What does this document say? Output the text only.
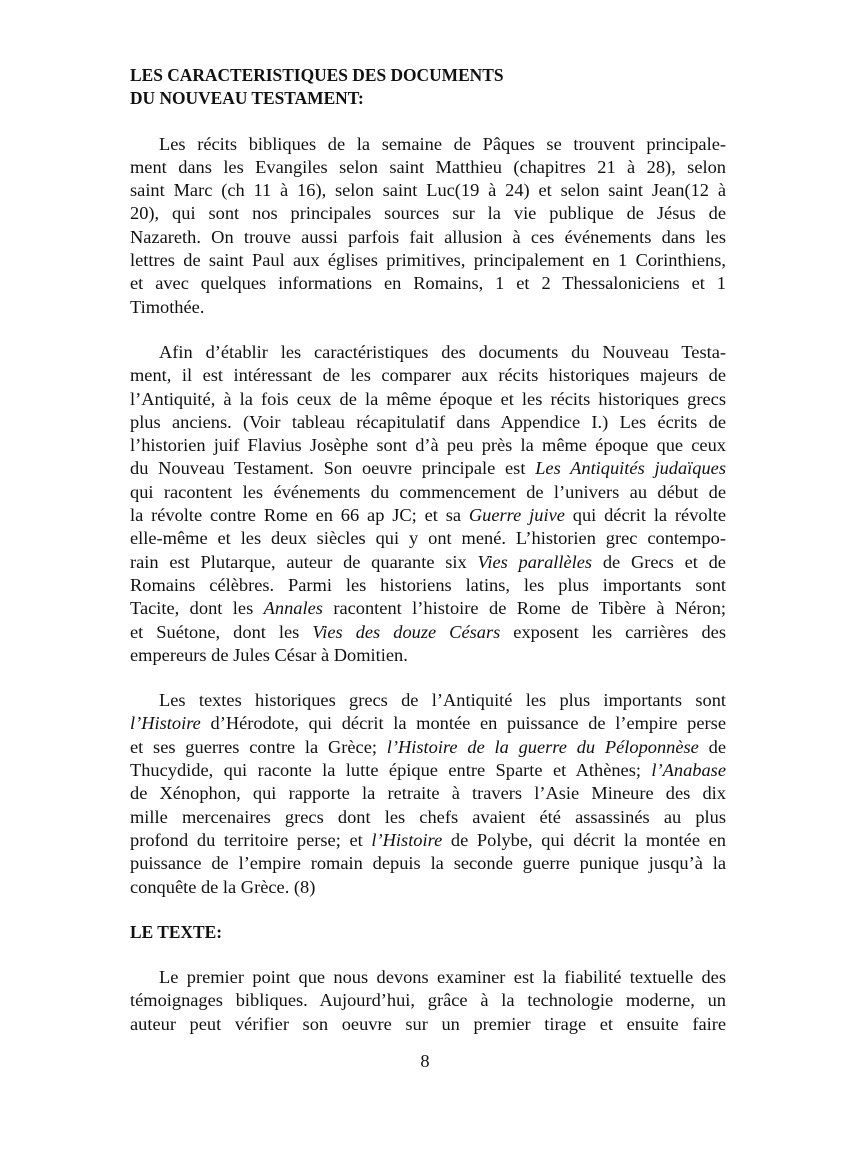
LES CARACTERISTIQUES DES DOCUMENTS
DU NOUVEAU TESTAMENT:
Les récits bibliques de la semaine de Pâques se trouvent principale-
ment dans les Evangiles selon saint Matthieu (chapitres 21 à 28), selon
saint Marc (ch 11 à 16), selon saint Luc(19 à 24) et selon saint Jean(12 à
20), qui sont nos principales sources sur la vie publique de Jésus de
Nazareth. On trouve aussi parfois fait allusion à ces événements dans les
lettres de saint Paul aux églises primitives, principalement en 1 Corinthiens,
et avec quelques informations en Romains, 1 et 2 Thessaloniciens et 1
Timothée.
Afin d’établir les caractéristiques des documents du Nouveau Testa-
ment, il est intéressant de les comparer aux récits historiques majeurs de
l’Antiquité, à la fois ceux de la même époque et les récits historiques grecs
plus anciens. (Voir tableau récapitulatif dans Appendice I.) Les écrits de
l’historien juif Flavius Josèphe sont d’à peu près la même époque que ceux
du Nouveau Testament. Son oeuvre principale est Les Antiquités judaïques
qui racontent les événements du commencement de l’univers au début de
la révolte contre Rome en 66 ap JC; et sa Guerre juive qui décrit la révolte
elle-même et les deux siècles qui y ont mené. L’historien grec contempo-
rain est Plutarque, auteur de quarante six Vies parallèles de Grecs et de
Romains célèbres. Parmi les historiens latins, les plus importants sont
Tacite, dont les Annales racontent l’histoire de Rome de Tibère à Néron;
et Suétone, dont les Vies des douze Césars exposent les carrières des
empereurs de Jules César à Domitien.
Les textes historiques grecs de l’Antiquité les plus importants sont
l’Histoire d’Hérodote, qui décrit la montée en puissance de l’empire perse
et ses guerres contre la Grèce; l’Histoire de la guerre du Péloponnèse de
Thucydide, qui raconte la lutte épique entre Sparte et Athènes; l’Anabase
de Xénophon, qui rapporte la retraite à travers l’Asie Mineure des dix
mille mercenaires grecs dont les chefs avaient été assassinés au plus
profond du territoire perse; et l’Histoire de Polybe, qui décrit la montée en
puissance de l’empire romain depuis la seconde guerre punique jusqu’à la
conquête de la Grèce. (8)
LE TEXTE:
Le premier point que nous devons examiner est la fiabilité textuelle des
témoignages bibliques. Aujourd’hui, grâce à la technologie moderne, un
auteur peut vérifier son oeuvre sur un premier tirage et ensuite faire
8
